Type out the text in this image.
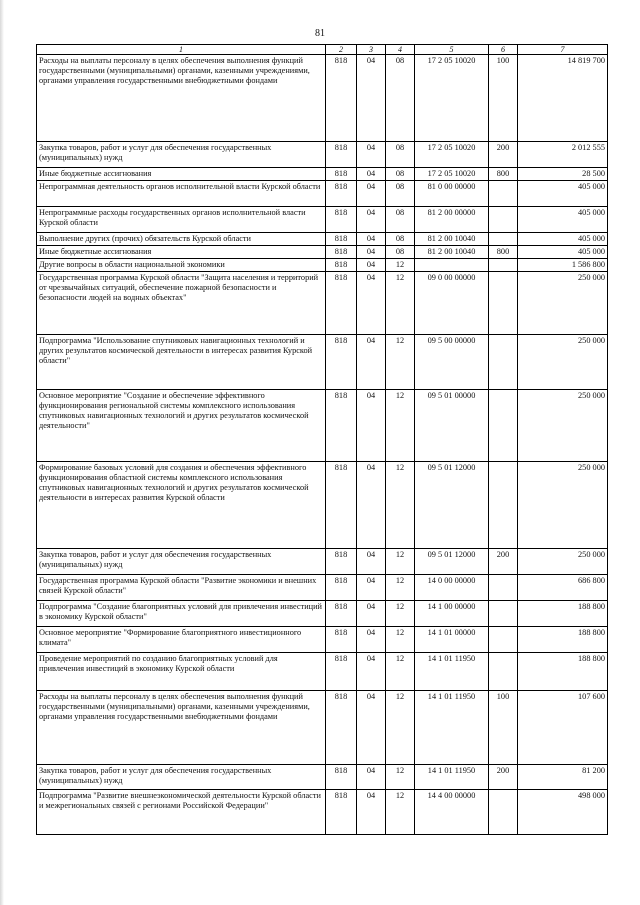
81
1	2	3	4	5	6	7
Расходы на выплаты персоналу в целях обеспечения выполнения функций государственными (муниципальными) органами, казенными учреждениями, органами управления государственными внебюджетными фондами	818	04	08	17 2 05 10020	100	14 819 700
Закупка товаров, работ и услуг для обеспечения государственных (муниципальных) нужд	818	04	08	17 2 05 10020	200	2 012 555
Иные бюджетные ассигнования	818	04	08	17 2 05 10020	800	28 500
Непрограммная деятельность органов исполнительной власти Курской области	818	04	08	81 0 00 00000		405 000
Непрограммные расходы государственных органов исполнительной власти Курской области	818	04	08	81 2 00 00000		405 000
Выполнение других (прочих) обязательств Курской области	818	04	08	81 2 00 10040		405 000
Иные бюджетные ассигнования	818	04	08	81 2 00 10040	800	405 000
Другие вопросы в области национальной экономики	818	04	12			1 586 800
Государственная программа Курской области "Защита населения и территорий от чрезвычайных ситуаций, обеспечение пожарной безопасности и безопасности людей на водных объектах"	818	04	12	09 0 00 00000		250 000
Подпрограмма "Использование спутниковых навигационных технологий и других результатов космической деятельности в интересах развития Курской области"	818	04	12	09 5 00 00000		250 000
Основное мероприятие "Создание и обеспечение эффективного функционирования региональной системы комплексного использования спутниковых навигационных технологий и других результатов космической деятельности"	818	04	12	09 5 01 00000		250 000
Формирование базовых условий для создания и обеспечения эффективного функционирования областной системы комплексного использования спутниковых навигационных технологий и других результатов космической деятельности в интересах развития Курской области	818	04	12	09 5 01 12000		250 000
Закупка товаров, работ и услуг для обеспечения государственных (муниципальных) нужд	818	04	12	09 5 01 12000	200	250 000
Государственная программа Курской области "Развитие экономики и внешних связей Курской области"	818	04	12	14 0 00 00000		686 800
Подпрограмма "Создание благоприятных условий для привлечения инвестиций в экономику Курской области"	818	04	12	14 1 00 00000		188 800
Основное мероприятие "Формирование благоприятного инвестиционного климата"	818	04	12	14 1 01 00000		188 800
Проведение мероприятий по созданию благоприятных условий для привлечения инвестиций в экономику Курской области	818	04	12	14 1 01 11950		188 800
Расходы на выплаты персоналу в целях обеспечения выполнения функций государственными (муниципальными) органами, казенными учреждениями, органами управления государственными внебюджетными фондами	818	04	12	14 1 01 11950	100	107 600
Закупка товаров, работ и услуг для обеспечения государственных (муниципальных) нужд	818	04	12	14 1 01 11950	200	81 200
Подпрограмма "Развитие внешнеэкономической деятельности Курской области и межрегиональных связей с регионами Российской Федерации"	818	04	12	14 4 00 00000		498 000
